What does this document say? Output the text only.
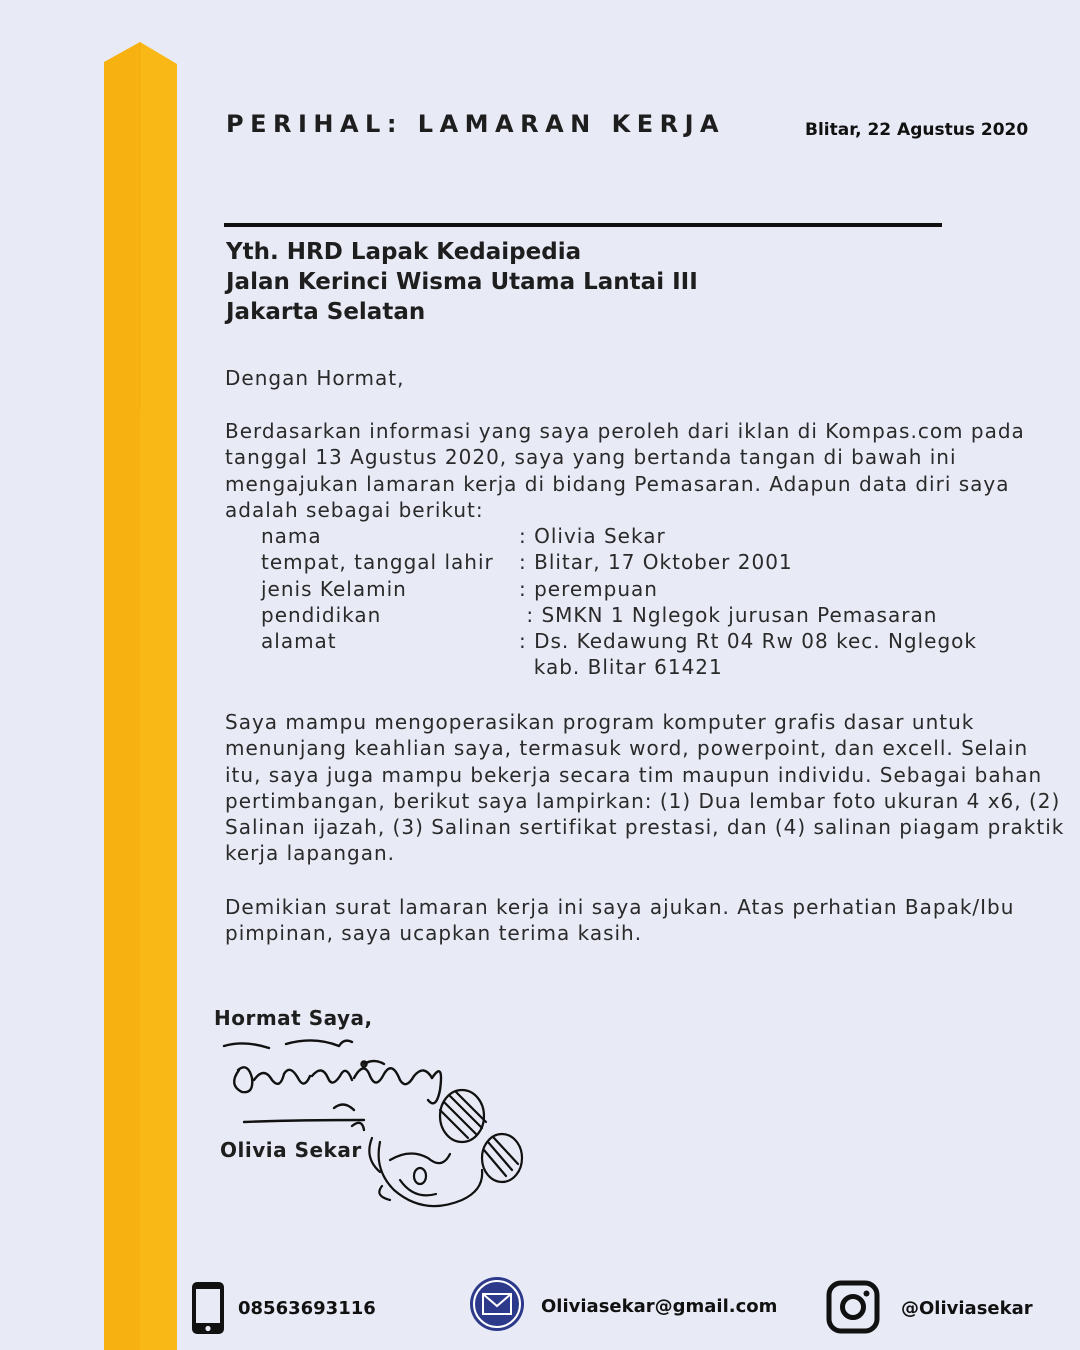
PERIHAL: LAMARAN KERJA	Blitar, 22 Agustus 2020
Yth. HRD Lapak Kedaipedia
Jalan Kerinci Wisma Utama Lantai III
Jakarta Selatan
Dengan Hormat,
Berdasarkan informasi yang saya peroleh dari iklan di Kompas.com pada
tanggal 13 Agustus 2020, saya yang bertanda tangan di bawah ini
mengajukan lamaran kerja di bidang Pemasaran. Adapun data diri saya
adalah sebagai berikut:
nama	: Olivia Sekar
tempat, tanggal lahir	: Blitar, 17 Oktober 2001
jenis Kelamin	: perempuan
pendidikan	: SMKN 1 Nglegok jurusan Pemasaran
alamat	: Ds. Kedawung Rt 04 Rw 08 kec. Nglegok
kab. Blitar 61421
Saya mampu mengoperasikan program komputer grafis dasar untuk
menunjang keahlian saya, termasuk word, powerpoint, dan excell. Selain
itu, saya juga mampu bekerja secara tim maupun individu. Sebagai bahan
pertimbangan, berikut saya lampirkan: (1) Dua lembar foto ukuran 4 x6, (2)
Salinan ijazah, (3) Salinan sertifikat prestasi, dan (4) salinan piagam praktik
kerja lapangan.
Demikian surat lamaran kerja ini saya ajukan. Atas perhatian Bapak/Ibu
pimpinan, saya ucapkan terima kasih.
Hormat Saya,
Olivia Sekar
08563693116	Oliviasekar@gmail.com	@Oliviasekar
